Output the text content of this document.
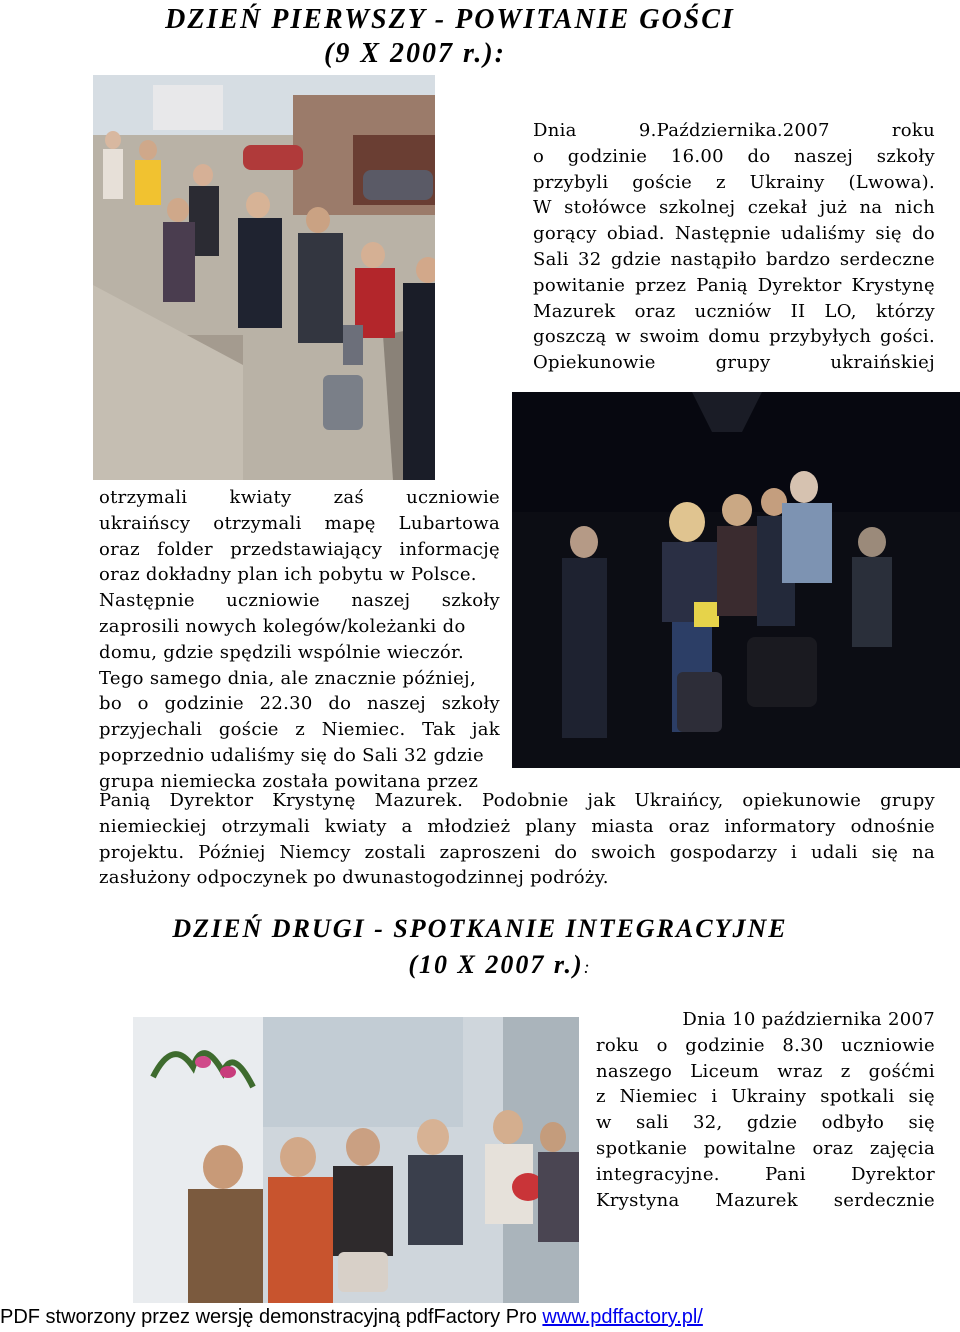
DZIEŃ PIERWSZY - POWITANIE GOŚCI
(9 X 2007 r.):

Dnia 9.Października.2007 roku

o godzinie 16.00 do naszej szkoły

przybyli goście z Ukrainy (Lwowa).

W stołówce szkolnej czekał już na nich

gorący obiad. Następnie udaliśmy się do

Sali 32 gdzie nastąpiło bardzo serdeczne

powitanie przez Panią Dyrektor Krystynę

Mazurek oraz uczniów II LO, którzy

goszczą w swoim domu przybyłych gości.

Opiekunowie grupy ukraińskiej

otrzymali kwiaty zaś uczniowie

ukraińscy otrzymali mapę Lubartowa

oraz folder przedstawiający informację

oraz dokładny plan ich pobytu w Polsce.

Następnie uczniowie naszej szkoły

zaprosili nowych kolegów/koleżanki do

domu, gdzie spędzili wspólnie wieczór.

Tego samego dnia, ale znacznie później,

bo o godzinie 22.30 do naszej szkoły

przyjechali goście z Niemiec. Tak jak

poprzednio udaliśmy się do Sali 32 gdzie

grupa niemiecka została powitana przez

Panią Dyrektor Krystynę Mazurek. Podobnie jak Ukraińcy, opiekunowie grupy

niemieckiej otrzymali kwiaty a młodzież plany miasta oraz informatory odnośnie

projektu. Później Niemcy zostali zaproszeni do swoich gospodarzy i udali się na

zasłużony odpoczynek po dwunastogodzinnej podróży.

DZIEŃ DRUGI - SPOTKANIE INTEGRACYJNE
(10 X 2007 r.):

Dnia 10 października 2007

roku o godzinie 8.30 uczniowie

naszego Liceum wraz z gośćmi

z Niemiec i Ukrainy spotkali się

w sali 32, gdzie odbyło się

spotkanie powitalne oraz zajęcia

integracyjne. Pani Dyrektor

Krystyna Mazurek serdecznie

PDF stworzony przez wersję demonstracyjną pdfFactory Pro www.pdffactory.pl/
